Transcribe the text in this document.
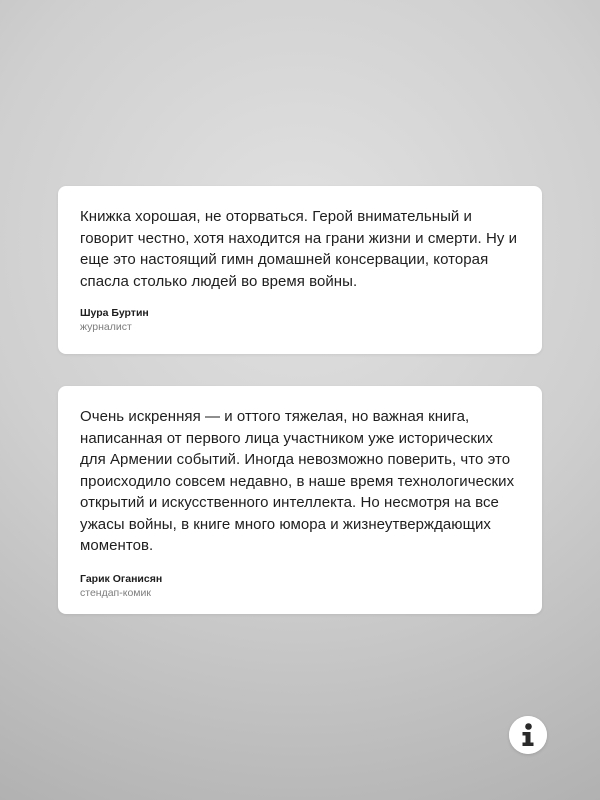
Книжка хорошая, не оторваться. Герой внимательный и говорит честно, хотя находится на грани жизни и смерти. Ну и еще это настоящий гимн домашней консервации, которая спасла столько людей во время войны.

Шура Буртин

журналист

Очень искренняя — и оттого тяжелая, но важная книга, написанная от первого лица участником уже исторических для Армении событий. Иногда невозможно поверить, что это происходило совсем недавно, в наше время технологических открытий и искусственного интеллекта. Но несмотря на все ужасы войны, в книге много юмора и жизнеутверждающих моментов.

Гарик Оганисян

стендап-комик
